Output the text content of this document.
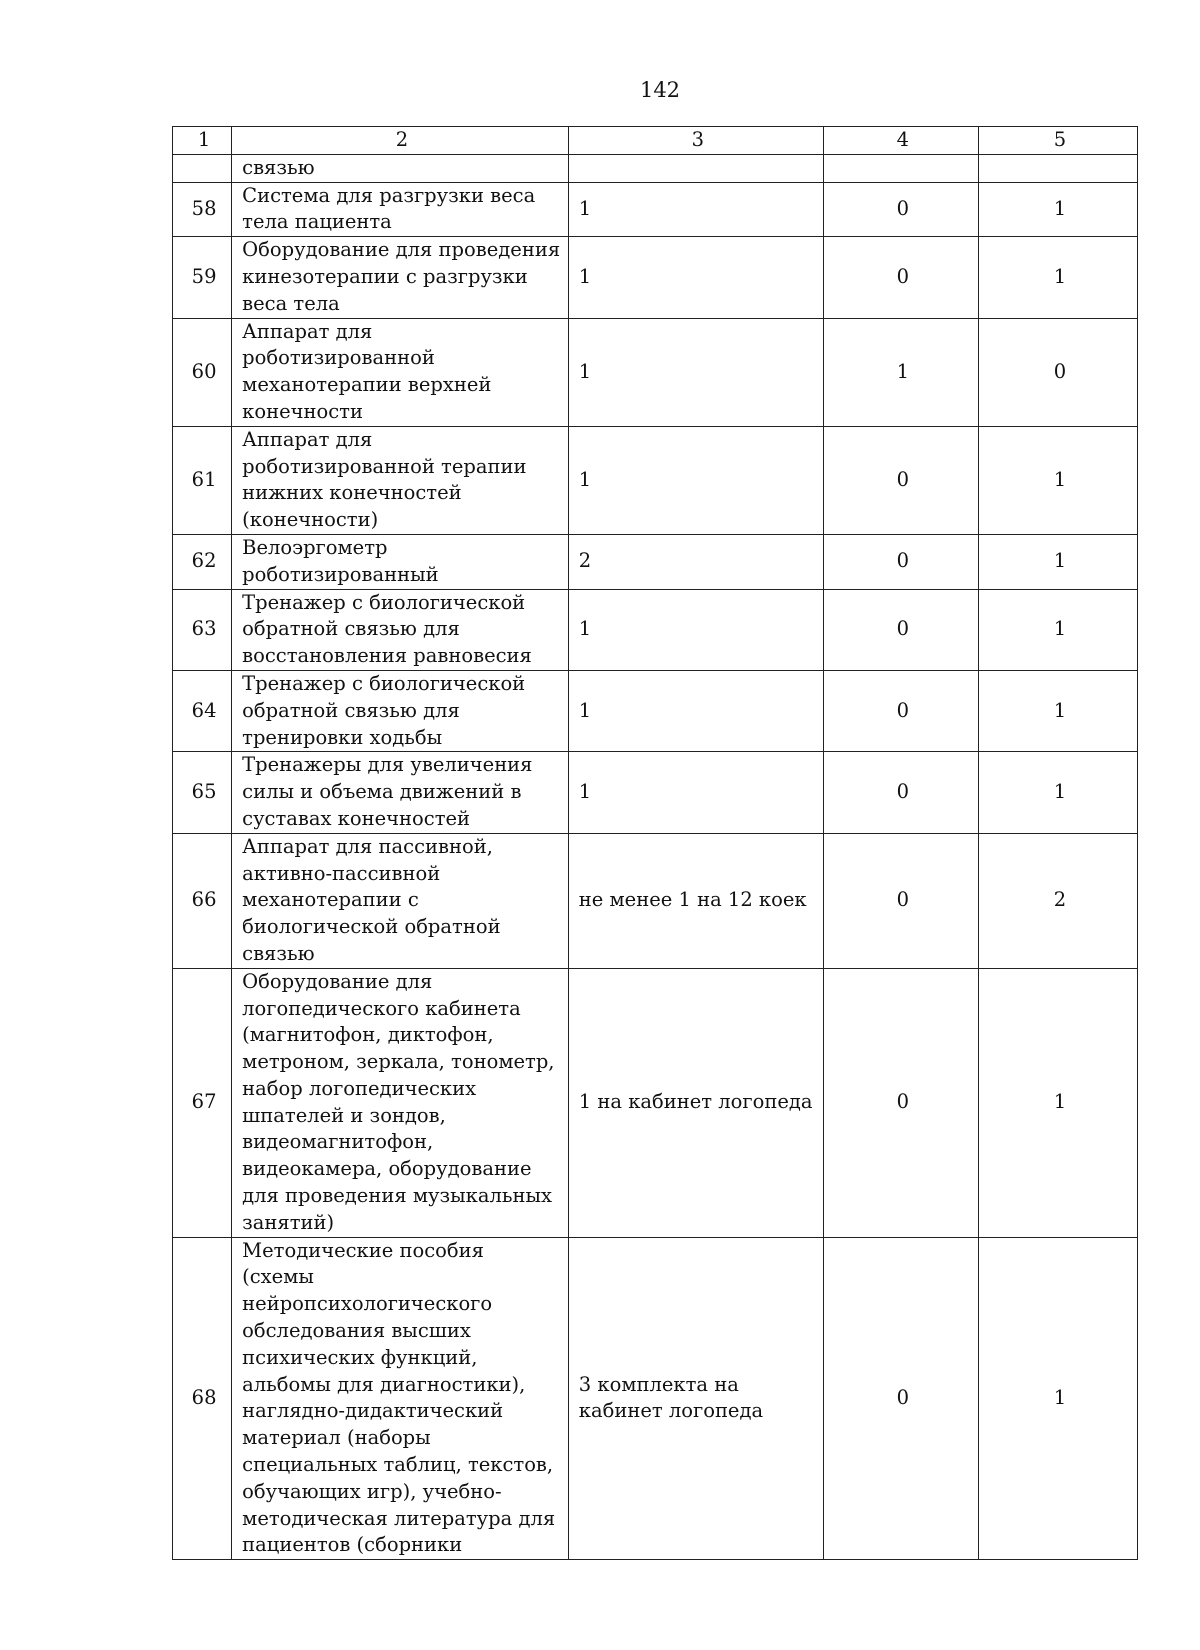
142
1	2	3	4	5
	связью			
58	Система для разгрузки веса тела пациента	1	0	1
59	Оборудование для проведения кинезотерапии с разгрузки веса тела	1	0	1
60	Аппарат для роботизированной механотерапии верхней конечности	1	1	0
61	Аппарат для роботизированной терапии нижних конечностей (конечности)	1	0	1
62	Велоэргометр роботизированный	2	0	1
63	Тренажер с биологической обратной связью для восстановления равновесия	1	0	1
64	Тренажер с биологической обратной связью для тренировки ходьбы	1	0	1
65	Тренажеры для увеличения силы и объема движений в суставах конечностей	1	0	1
66	Аппарат для пассивной, активно-пассивной механотерапии с биологической обратной связью	не менее 1 на 12 коек	0	2
67	Оборудование для логопедического кабинета (магнитофон, диктофон, метроном, зеркала, тонометр, набор логопедических шпателей и зондов, видеомагнитофон, видеокамера, оборудование для проведения музыкальных занятий)	1 на кабинет логопеда	0	1
68	Методические пособия (схемы нейропсихологического обследования высших психических функций, альбомы для диагностики), наглядно-дидактический материал (наборы специальных таблиц, текстов, обучающих игр), учебно-методическая литература для пациентов (сборники	3 комплекта на кабинет логопеда	0	1
